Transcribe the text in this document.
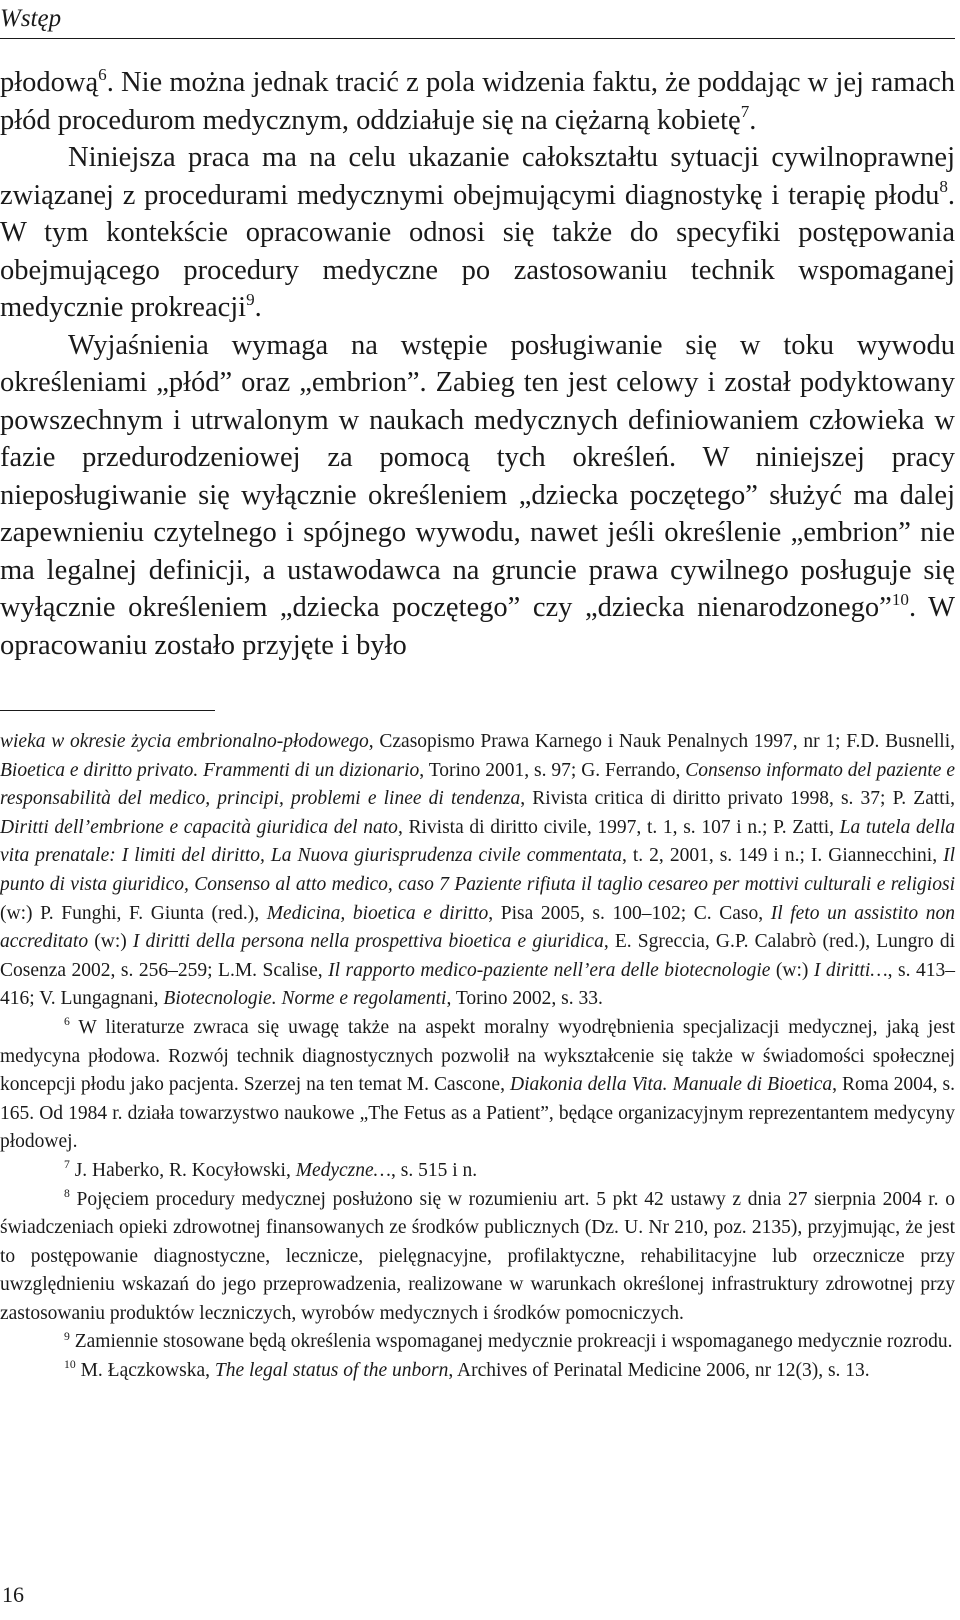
Wstęp

płodową$^6$. Nie można jednak tracić z pola widzenia faktu, że poddając w jej ramach płód procedurom medycznym, oddziałuje się na ciężarną kobietę$^7$.

Niniejsza praca ma na celu ukazanie całokształtu sytuacji cywilnoprawnej związanej z procedurami medycznymi obejmującymi diagnostykę i terapię płodu$^8$. W tym kontekście opracowanie odnosi się także do specyfiki postępowania obejmującego procedury medyczne po zastosowaniu technik wspomaganej medycznie prokreacji$^9$.

Wyjaśnienia wymaga na wstępie posługiwanie się w toku wywodu określeniami „płód” oraz „embrion”. Zabieg ten jest celowy i został podyktowany powszechnym i utrwalonym w naukach medycznych definiowaniem człowieka w fazie przedurodzeniowej za pomocą tych określeń. W niniejszej pracy nieposługiwanie się wyłącznie określeniem „dziecka poczętego” służyć ma dalej zapewnieniu czytelnego i spójnego wywodu, nawet jeśli określenie „embrion” nie ma legalnej definicji, a ustawodawca na gruncie prawa cywilnego posługuje się wyłącznie określeniem „dziecka poczętego” czy „dziecka nienarodzonego”$^{10}$. W opracowaniu zostało przyjęte i było

wieka w okresie życia embrionalno-płodowego, Czasopismo Prawa Karnego i Nauk Penalnych 1997, nr 1; F.D. Busnelli, Bioetica e diritto privato. Frammenti di un dizionario, Torino 2001, s. 97; G. Ferrando, Consenso informato del paziente e responsabilità del medico, principi, problemi e linee di tendenza, Rivista critica di diritto privato 1998, s. 37; P. Zatti, Diritti dell’embrione e capacità giuridica del nato, Rivista di diritto civile, 1997, t. 1, s. 107 i n.; P. Zatti, La tutela della vita prenatale: I limiti del diritto, La Nuova giurisprudenza civile commentata, t. 2, 2001, s. 149 i n.; I. Giannecchini, Il punto di vista giuridico, Consenso al atto medico, caso 7 Paziente rifiuta il taglio cesareo per mottivi culturali e religiosi (w:) P. Funghi, F. Giunta (red.), Medicina, bioetica e diritto, Pisa 2005, s. 100–102; C. Caso, Il feto un assistito non accreditato (w:) I diritti della persona nella prospettiva bioetica e giuridica, E. Sgreccia, G.P. Calabrò (red.), Lungro di Cosenza 2002, s. 256–259; L.M. Scalise, Il rapporto medico-paziente nell’era delle biotecnologie (w:) I diritti…, s. 413–416; V. Lungagnani, Biotecnologie. Norme e regolamenti, Torino 2002, s. 33.

$^6$ W literaturze zwraca się uwagę także na aspekt moralny wyodrębnienia specjalizacji medycznej, jaką jest medycyna płodowa. Rozwój technik diagnostycznych pozwolił na wykształcenie się także w świadomości społecznej koncepcji płodu jako pacjenta. Szerzej na ten temat M. Cascone, Diakonia della Vita. Manuale di Bioetica, Roma 2004, s. 165. Od 1984 r. działa towarzystwo naukowe „The Fetus as a Patient”, będące organizacyjnym reprezentantem medycyny płodowej.

$^7$ J. Haberko, R. Kocyłowski, Medyczne…, s. 515 i n.

$^8$ Pojęciem procedury medycznej posłużono się w rozumieniu art. 5 pkt 42 ustawy z dnia 27 sierpnia 2004 r. o świadczeniach opieki zdrowotnej finansowanych ze środków publicznych (Dz. U. Nr 210, poz. 2135), przyjmując, że jest to postępowanie diagnostyczne, lecznicze, pielęgnacyjne, profilaktyczne, rehabilitacyjne lub orzecznicze przy uwzględnieniu wskazań do jego przeprowadzenia, realizowane w warunkach określonej infrastruktury zdrowotnej przy zastosowaniu produktów leczniczych, wyrobów medycznych i środków pomocniczych.

$^9$ Zamiennie stosowane będą określenia wspomaganej medycznie prokreacji i wspomaganego medycznie rozrodu.

$^{10}$ M. Łączkowska, The legal status of the unborn, Archives of Perinatal Medicine 2006, nr 12(3), s. 13.

16
